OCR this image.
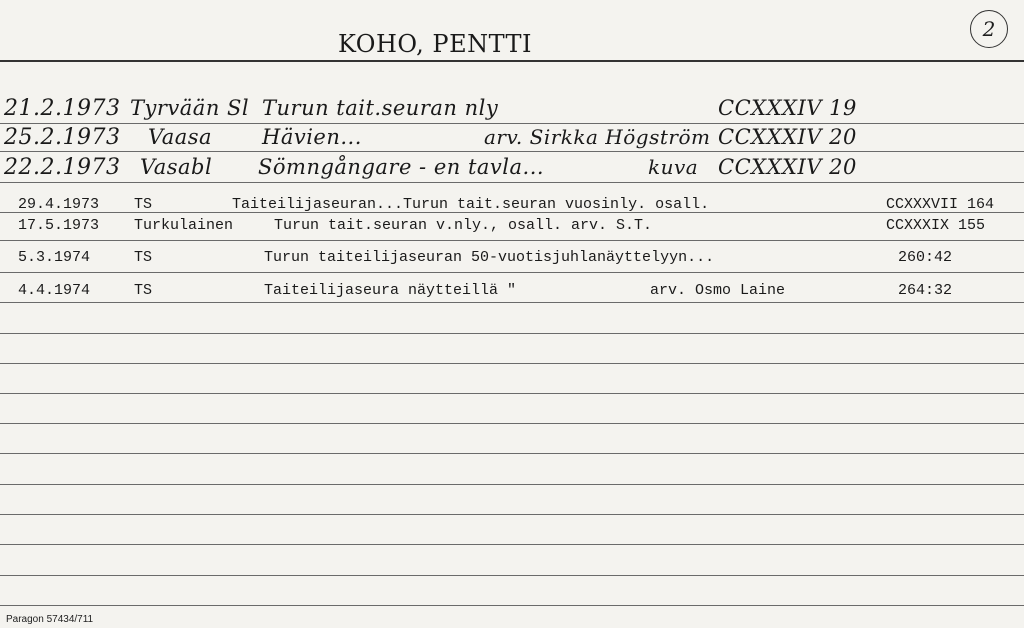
KOHO, PENTTI
2
21.2.1973 Tyrvään Sl Turun tait.seuran nly	CCXXXIV 19
25.2.1973 Vaasa Hävien...	arv. Sirkka Högström CCXXXIV 20
22.2.1973 Vasabl Sömngångare - en tavla...	kuva CCXXXIV 20
29.4.1973 TS	Taiteilijaseuran...Turun tait.seuran vuosinly. osall.	CCXXXVII 164
17.5.1973 Turkulainen	Turun tait.seuran v.nly., osall. arv. S.T.	CCXXXIX 155
5.3.1974	TS	Turun taiteilijaseuran 50-vuotisjuhlanäyttelyyn...	260:42
4.4.1974	TS	Taiteilijaseura näytteillä "	arv. Osmo Laine	264:32
Paragon 57434/711
